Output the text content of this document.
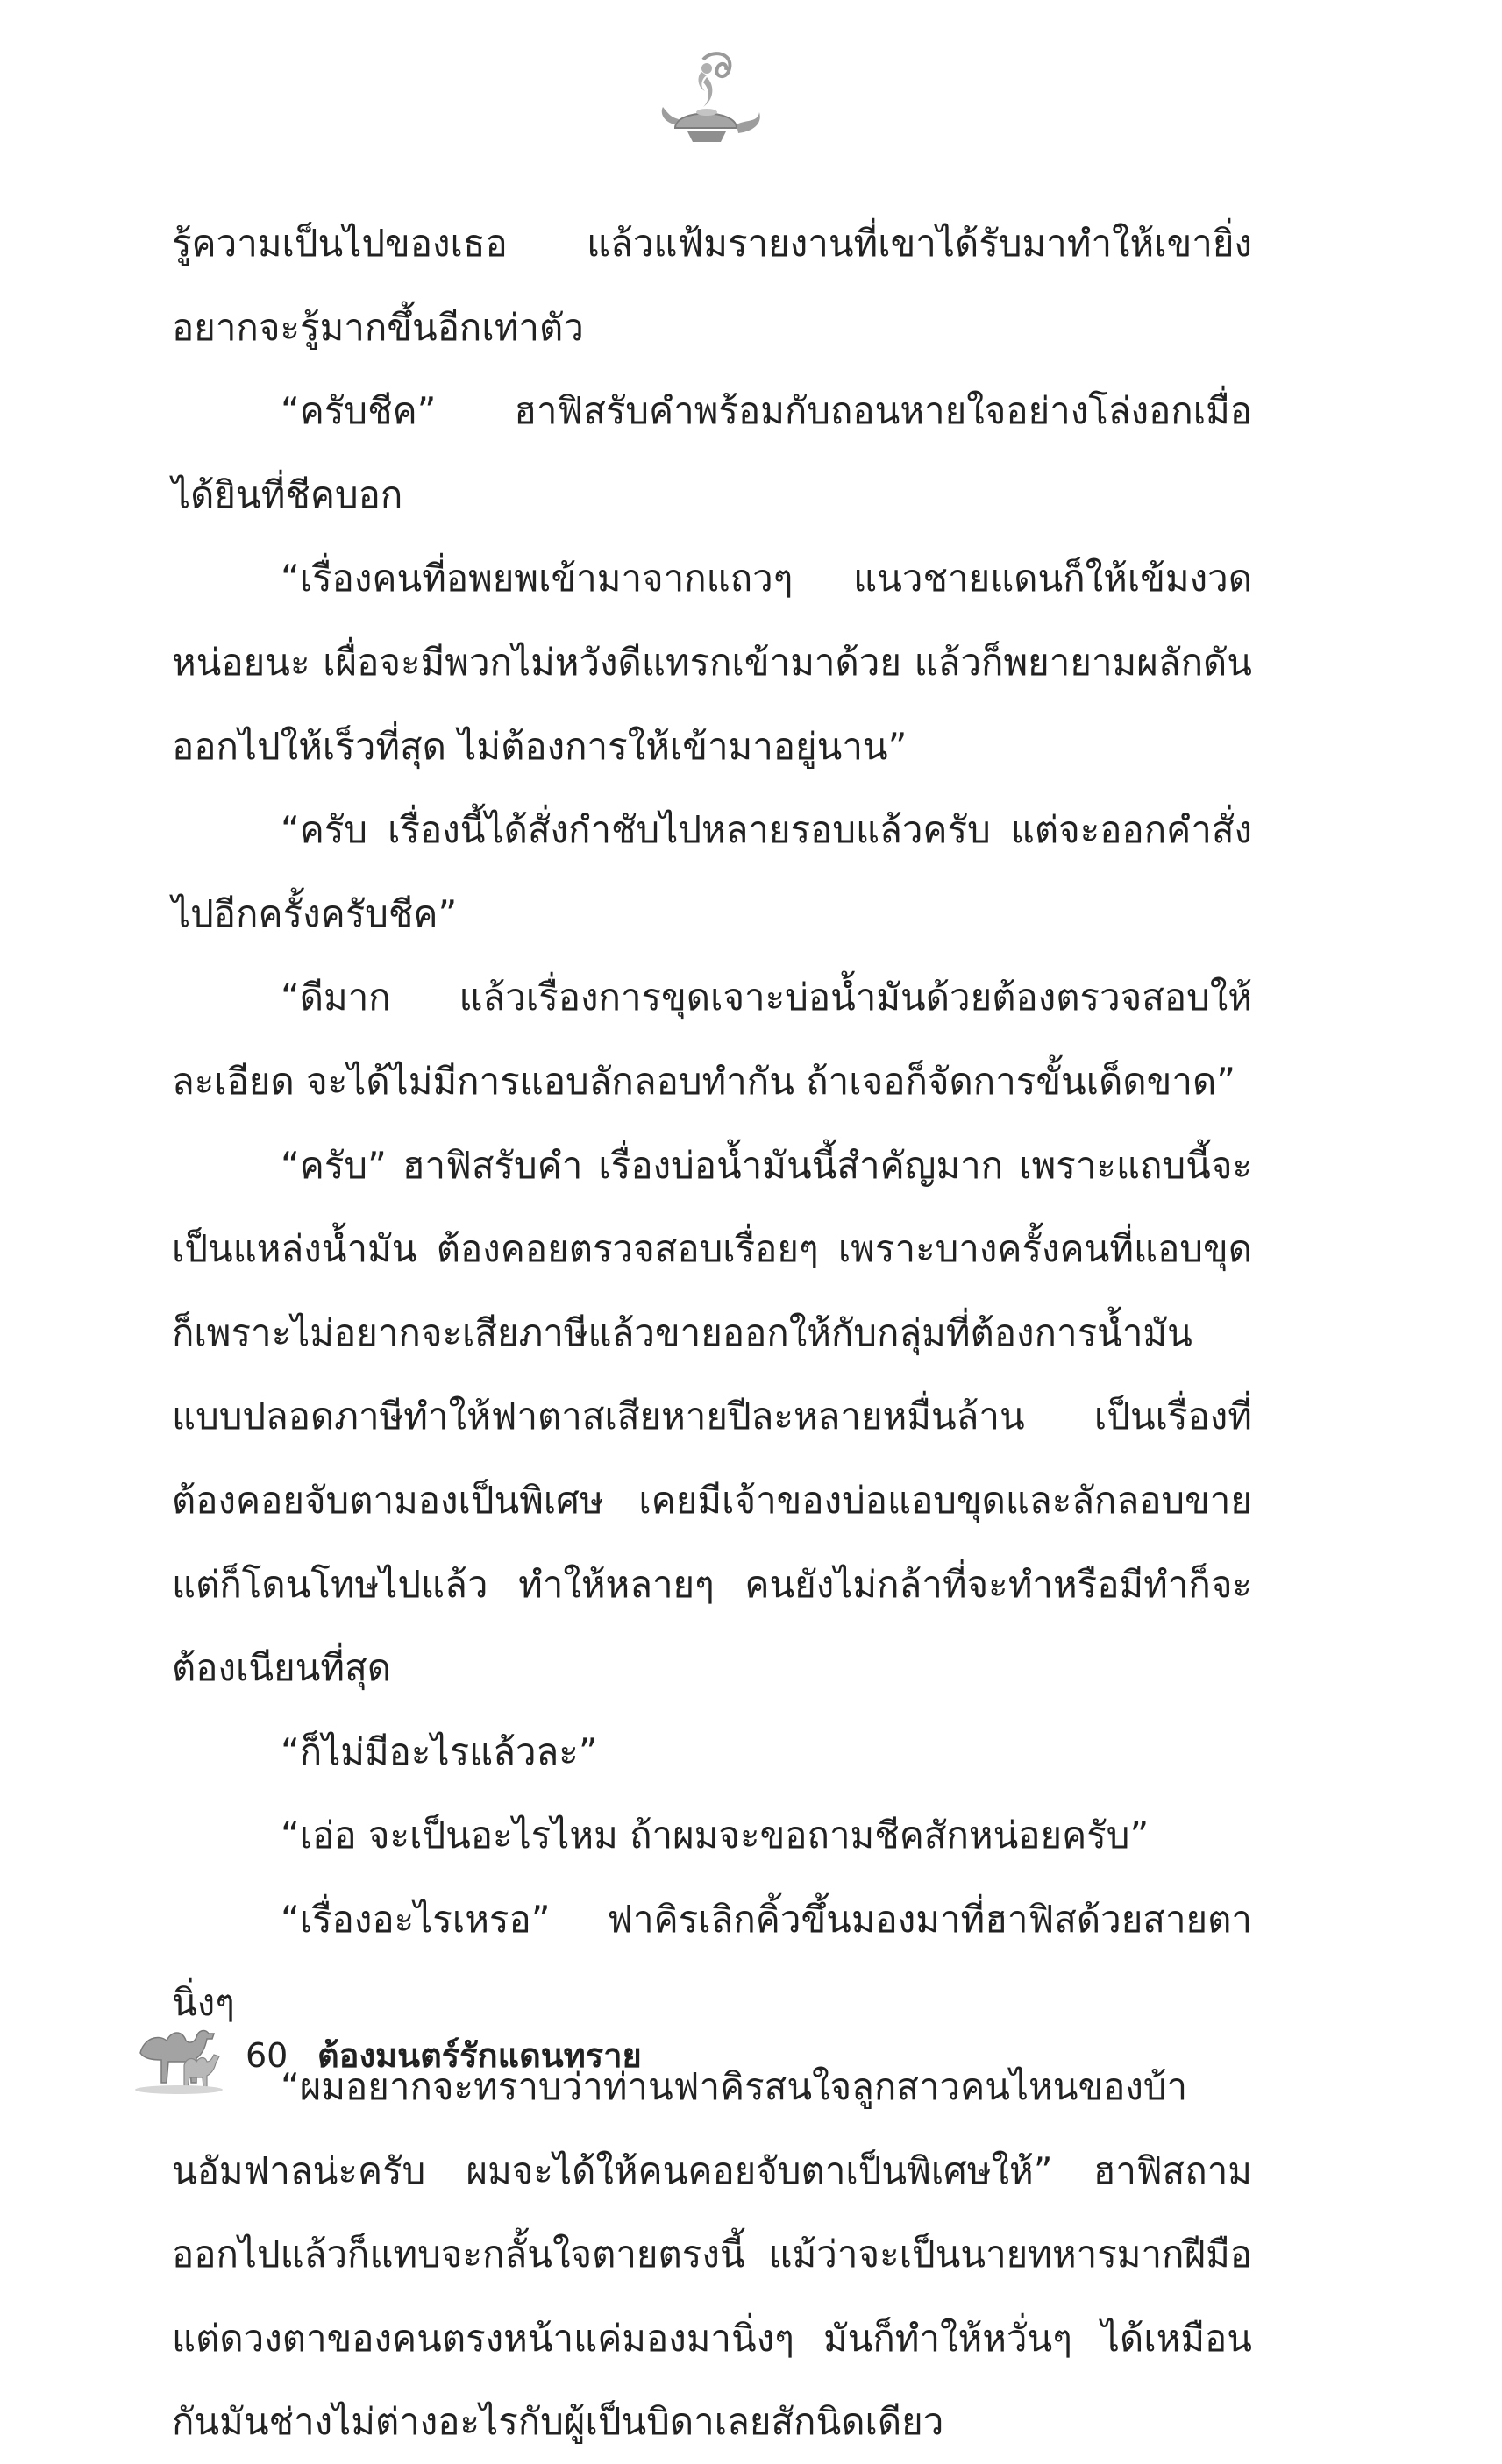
รู้ความเป็นไปของเธอ แล้วแฟ้มรายงานที่เขาได้รับมาทำให้เขายิ่งอยากจะรู้มากขึ้นอีกเท่าตัว

“ครับชีค” ฮาฟิสรับคำพร้อมกับถอนหายใจอย่างโล่งอกเมื่อได้ยินที่ชีคบอก

“เรื่องคนที่อพยพเข้ามาจากแถวๆ แนวชายแดนก็ให้เข้มงวดหน่อยนะ เผื่อจะมีพวกไม่หวังดีแทรกเข้ามาด้วย แล้วก็พยายามผลักดันออกไปให้เร็วที่สุด ไม่ต้องการให้เข้ามาอยู่นาน”

“ครับ เรื่องนี้ได้สั่งกำชับไปหลายรอบแล้วครับ แต่จะออกคำสั่งไปอีกครั้งครับชีค”

“ดีมาก แล้วเรื่องการขุดเจาะบ่อน้ำมันด้วยต้องตรวจสอบให้ละเอียด จะได้ไม่มีการแอบลักลอบทำกัน ถ้าเจอก็จัดการขั้นเด็ดขาด”

“ครับ” ฮาฟิสรับคำ เรื่องบ่อน้ำมันนี้สำคัญมาก เพราะแถบนี้จะเป็นแหล่งน้ำมัน ต้องคอยตรวจสอบเรื่อยๆ เพราะบางครั้งคนที่แอบขุดก็เพราะไม่อยากจะเสียภาษีแล้วขายออกให้กับกลุ่มที่ต้องการน้ำมันแบบปลอดภาษีทำให้ฟาตาสเสียหายปีละหลายหมื่นล้าน เป็นเรื่องที่ต้องคอยจับตามองเป็นพิเศษ เคยมีเจ้าของบ่อแอบขุดและลักลอบขาย แต่ก็โดนโทษไปแล้ว ทำให้หลายๆ คนยังไม่กล้าที่จะทำหรือมีทำก็จะต้องเนียนที่สุด

“ก็ไม่มีอะไรแล้วละ”

“เอ่อ จะเป็นอะไรไหม ถ้าผมจะขอถามชีคสักหน่อยครับ”

“เรื่องอะไรเหรอ” ฟาคิรเลิกคิ้วขึ้นมองมาที่ฮาฟิสด้วยสายตานิ่งๆ

“ผมอยากจะทราบว่าท่านฟาคิรสนใจลูกสาวคนไหนของบ้านอัมฟาลน่ะครับ ผมจะได้ให้คนคอยจับตาเป็นพิเศษให้” ฮาฟิสถามออกไปแล้วก็แทบจะกลั้นใจตายตรงนี้ แม้ว่าจะเป็นนายทหารมากฝีมือแต่ดวงตาของคนตรงหน้าแค่มองมานิ่งๆ มันก็ทำให้หวั่นๆ ได้เหมือนกันมันช่างไม่ต่างอะไรกับผู้เป็นบิดาเลยสักนิดเดียว

60 ต้องมนตร์รักแดนทราย
